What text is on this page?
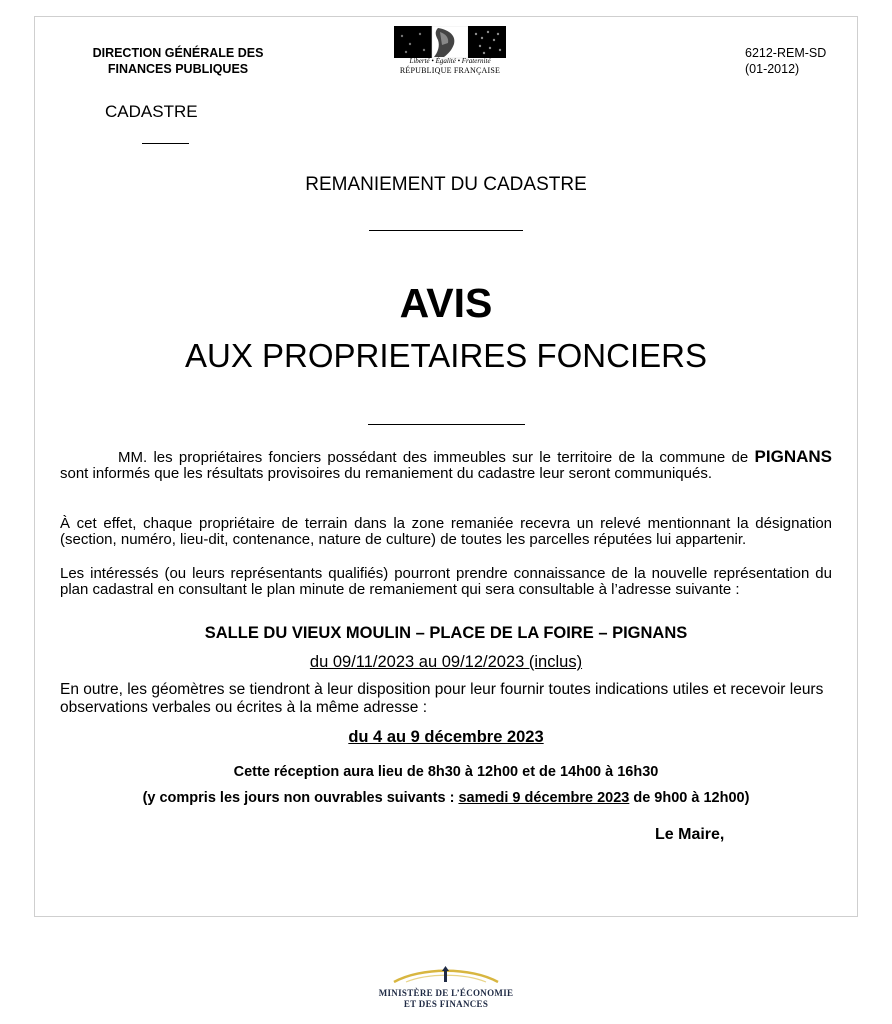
DIRECTION GÉNÉRALE DES
FINANCES PUBLIQUES
Liberté • Égalité • Fraternité
RÉPUBLIQUE FRANÇAISE
6212-REM-SD
(01-2012)
CADASTRE
REMANIEMENT DU CADASTRE
AVIS
AUX PROPRIETAIRES FONCIERS
MM. les propriétaires fonciers possédant des immeubles sur le territoire de la commune de PIGNANS sont informés que les résultats provisoires du remaniement du cadastre leur seront communiqués.
À cet effet, chaque propriétaire de terrain dans la zone remaniée recevra un relevé mentionnant la désignation (section, numéro, lieu-dit, contenance, nature de culture) de toutes les parcelles réputées lui appartenir.
Les intéressés (ou leurs représentants qualifiés) pourront prendre connaissance de la nouvelle représentation du plan cadastral en consultant le plan minute de remaniement qui sera consultable à l’adresse suivante :
SALLE DU VIEUX MOULIN – PLACE DE LA FOIRE – PIGNANS
du 09/11/2023 au 09/12/2023 (inclus)
En outre, les géomètres se tiendront à leur disposition pour leur fournir toutes indications utiles et recevoir leurs observations verbales ou écrites à la même adresse :
du 4 au 9 décembre 2023
Cette réception aura lieu de 8h30 à 12h00 et de 14h00 à 16h30
(y compris les jours non ouvrables suivants : samedi 9 décembre 2023 de 9h00 à 12h00)
Le Maire,
MINISTÈRE DE L’ÉCONOMIE
ET DES FINANCES
